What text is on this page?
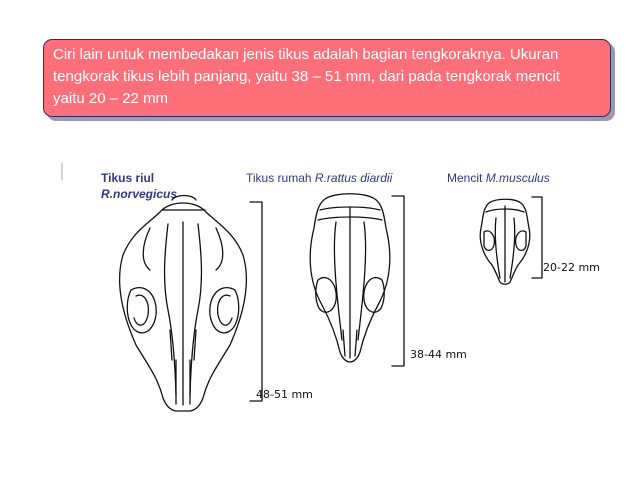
Ciri lain untuk membedakan jenis tikus adalah bagian tengkoraknya. Ukuran
tengkorak tikus lebih panjang, yaitu 38 – 51 mm, dari pada tengkorak mencit
yaitu 20 – 22 mm
Tikus riul
R.norvegicus
Tikus rumah R.rattus diardii	Mencit M.musculus
48-51 mm
38-44 mm
20-22 mm
